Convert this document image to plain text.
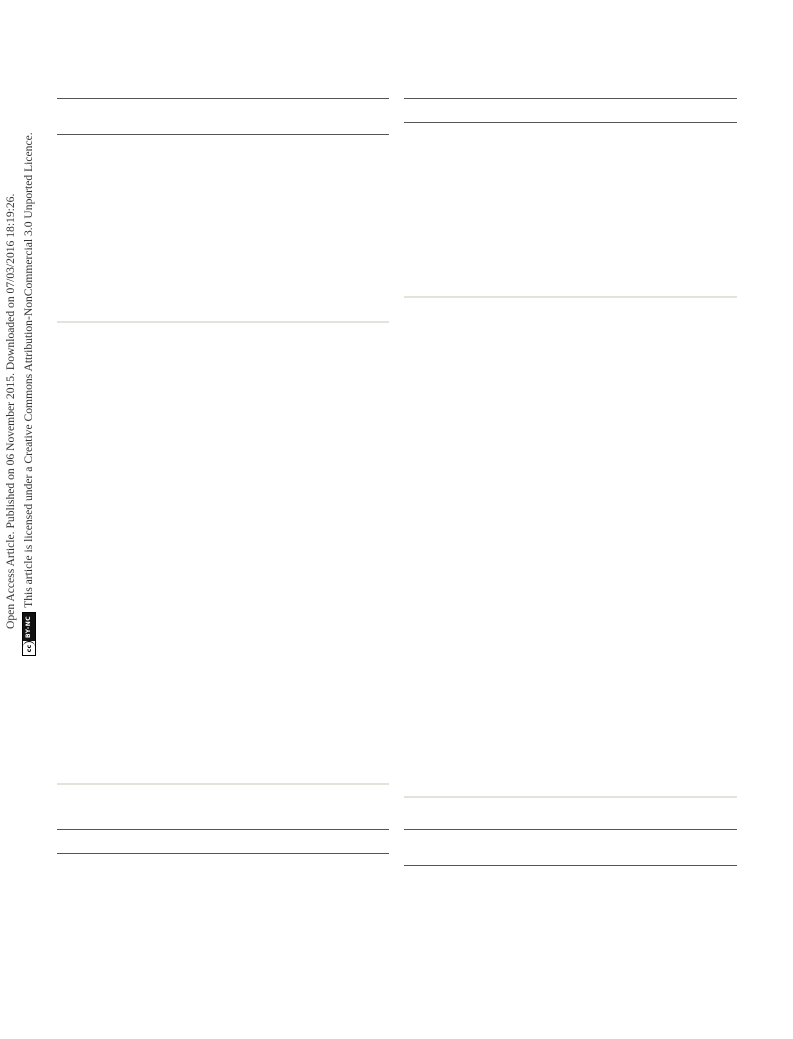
Open Access Article. Published on 06 November 2015. Downloaded on 07/03/2016 18:19:26.
cc
BY-NC
This article is licensed under a Creative Commons Attribution-NonCommercial 3.0 Unported Licence.
